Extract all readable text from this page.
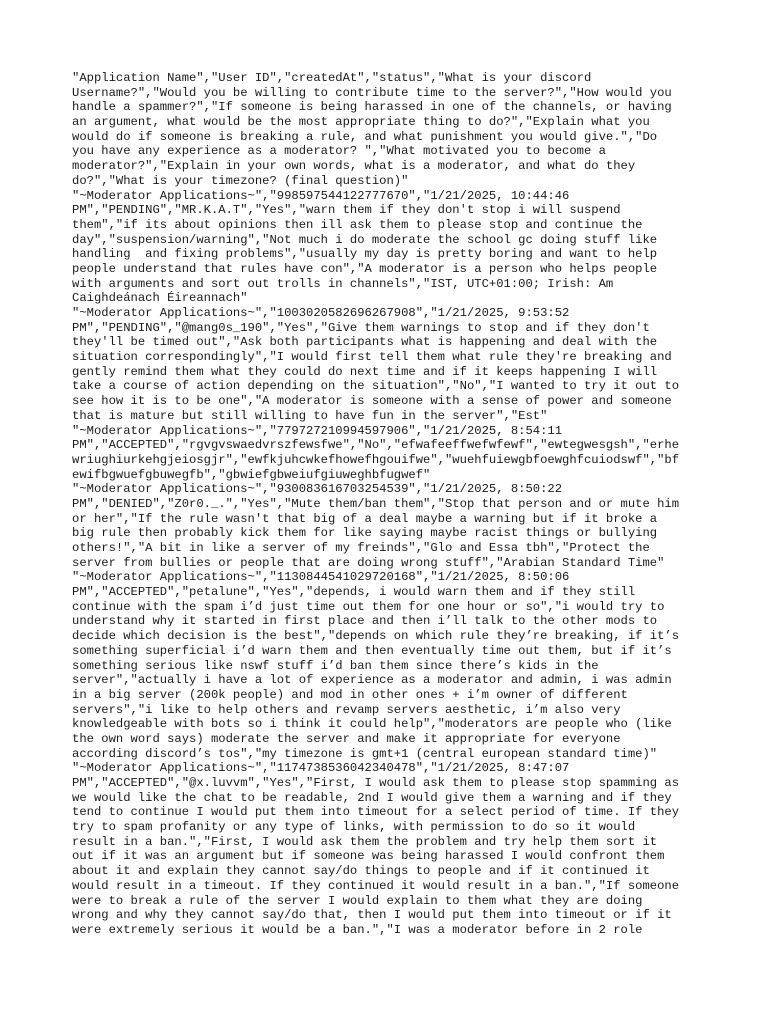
"Application Name","User ID","createdAt","status","What is your discord
Username?","Would you be willing to contribute time to the server?","How would you
handle a spammer?","If someone is being harassed in one of the channels, or having
an argument, what would be the most appropriate thing to do?","Explain what you
would do if someone is breaking a rule, and what punishment you would give.","Do
you have any experience as a moderator? ","What motivated you to become a
moderator?","Explain in your own words, what is a moderator, and what do they
do?","What is your timezone? (final question)"
"~Moderator Applications~","998597544122777670","1/21/2025, 10:44:46
PM","PENDING","MR.K.A.T","Yes","warn them if they don't stop i will suspend
them","if its about opinions then ill ask them to please stop and continue the
day","suspension/warning","Not much i do moderate the school gc doing stuff like
handling  and fixing problems","usually my day is pretty boring and want to help
people understand that rules have con","A moderator is a person who helps people
with arguments and sort out trolls in channels","IST, UTC+01:00; Irish: Am
Caighdeánach Éireannach"
"~Moderator Applications~","1003020582696267908","1/21/2025, 9:53:52
PM","PENDING","@mang0s_190","Yes","Give them warnings to stop and if they don't
they'll be timed out","Ask both participants what is happening and deal with the
situation correspondingly","I would first tell them what rule they're breaking and
gently remind them what they could do next time and if it keeps happening I will
take a course of action depending on the situation","No","I wanted to try it out to
see how it is to be one","A moderator is someone with a sense of power and someone
that is mature but still willing to have fun in the server","Est"
"~Moderator Applications~","779727210994597906","1/21/2025, 8:54:11
PM","ACCEPTED","rgvgvswaedvrszfewsfwe","No","efwafeeffwefwfewf","ewtegwesgsh","erhe
wriughiurkehgjeiosgjr","ewfkjuhcwkefhowefhgouifwe","wuehfuiewgbfoewghfcuiodswf","bf
ewifbgwuefgbuwegfb","gbwiefgbweiufgiuweghbfugwef"
"~Moderator Applications~","930083616703254539","1/21/2025, 8:50:22
PM","DENIED","Z0r0._.","Yes","Mute them/ban them","Stop that person and or mute him
or her","If the rule wasn't that big of a deal maybe a warning but if it broke a
big rule then probably kick them for like saying maybe racist things or bullying
others!","A bit in like a server of my freinds","Glo and Essa tbh","Protect the
server from bullies or people that are doing wrong stuff","Arabian Standard Time"
"~Moderator Applications~","1130844541029720168","1/21/2025, 8:50:06
PM","ACCEPTED","petalune","Yes","depends, i would warn them and if they still
continue with the spam i’d just time out them for one hour or so","i would try to
understand why it started in first place and then i’ll talk to the other mods to
decide which decision is the best","depends on which rule they’re breaking, if it’s
something superficial i’d warn them and then eventually time out them, but if it’s
something serious like nswf stuff i’d ban them since there’s kids in the
server","actually i have a lot of experience as a moderator and admin, i was admin
in a big server (200k people) and mod in other ones + i’m owner of different
servers","i like to help others and revamp servers aesthetic, i’m also very
knowledgeable with bots so i think it could help","moderators are people who (like
the own word says) moderate the server and make it appropriate for everyone
according discord’s tos","my timezone is gmt+1 (central european standard time)"
"~Moderator Applications~","1174738536042340478","1/21/2025, 8:47:07
PM","ACCEPTED","@x.luvvm","Yes","First, I would ask them to please stop spamming as
we would like the chat to be readable, 2nd I would give them a warning and if they
tend to continue I would put them into timeout for a select period of time. If they
try to spam profanity or any type of links, with permission to do so it would
result in a ban.","First, I would ask them the problem and try help them sort it
out if it was an argument but if someone was being harassed I would confront them
about it and explain they cannot say/do things to people and if it continued it
would result in a timeout. If they continued it would result in a ban.","If someone
were to break a rule of the server I would explain to them what they are doing
wrong and why they cannot say/do that, then I would put them into timeout or if it
were extremely serious it would be a ban.","I was a moderator before in 2 role
